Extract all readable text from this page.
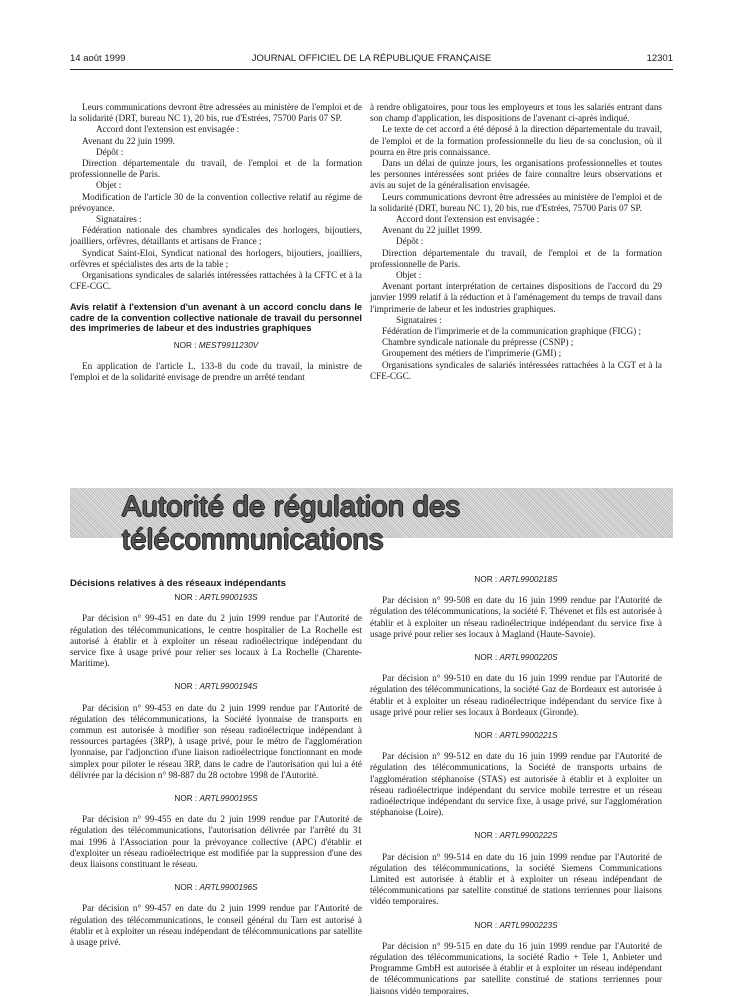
14 août 1999	JOURNAL OFFICIEL DE LA RÉPUBLIQUE FRANÇAISE	12301

Leurs communications devront être adressées au ministère de l'emploi et de la solidarité (DRT, bureau NC 1), 20 bis, rue d'Estrées, 75700 Paris 07 SP.

Accord dont l'extension est envisagée :

Avenant du 22 juin 1999.

Dépôt :

Direction départementale du travail, de l'emploi et de la formation professionnelle de Paris.

Objet :

Modification de l'article 30 de la convention collective relatif au régime de prévoyance.

Signataires :

Fédération nationale des chambres syndicales des horlogers, bijoutiers, joailliers, orfèvres, détaillants et artisans de France ;

Syndicat Saint-Eloi, Syndicat national des horlogers, bijoutiers, joailliers, orfèvres et spécialistes des arts de la table ;

Organisations syndicales de salariés intéressées rattachées à la CFTC et à la CFE-CGC.

Avis relatif à l'extension d'un avenant à un accord conclu dans le cadre de la convention collective nationale de travail du personnel des imprimeries de labeur et des industries graphiques

NOR : MEST9911230V

En application de l'article L. 133-8 du code du travail, la ministre de l'emploi et de la solidarité envisage de prendre un arrêté tendant

à rendre obligatoires, pour tous les employeurs et tous les salariés entrant dans son champ d'application, les dispositions de l'avenant ci-après indiqué.

Le texte de cet accord a été déposé à la direction départementale du travail, de l'emploi et de la formation professionnelle du lieu de sa conclusion, où il pourra en être pris connaissance.

Dans un délai de quinze jours, les organisations professionnelles et toutes les personnes intéressées sont priées de faire connaître leurs observations et avis au sujet de la généralisation envisagée.

Leurs communications devront être adressées au ministère de l'emploi et de la solidarité (DRT, bureau NC 1), 20 bis, rue d'Estrées, 75700 Paris 07 SP.

Accord dont l'extension est envisagée :

Avenant du 22 juillet 1999.

Dépôt :

Direction départementale du travail, de l'emploi et de la formation professionnelle de Paris.

Objet :

Avenant portant interprétation de certaines dispositions de l'accord du 29 janvier 1999 relatif à la réduction et à l'aménagement du temps de travail dans l'imprimerie de labeur et les industries graphiques.

Signataires :

Fédération de l'imprimerie et de la communication graphique (FICG) ;

Chambre syndicale nationale du prépresse (CSNP) ;

Groupement des métiers de l'imprimerie (GMI) ;

Organisations syndicales de salariés intéressées rattachées à la CGT et à la CFE-CGC.

Autorité de régulation des télécommunications

Décisions relatives à des réseaux indépendants

NOR : ARTL9900193S

Par décision n° 99-451 en date du 2 juin 1999 rendue par l'Autorité de régulation des télécommunications, le centre hospitalier de La Rochelle est autorisé à établir et à exploiter un réseau radioélectrique indépendant du service fixe à usage privé pour relier ses locaux à La Rochelle (Charente-Maritime).

NOR : ARTL9900194S

Par décision n° 99-453 en date du 2 juin 1999 rendue par l'Autorité de régulation des télécommunications, la Société lyonnaise de transports en commun est autorisée à modifier son réseau radioélectrique indépendant à ressources partagées (3RP), à usage privé, pour le métro de l'agglomération lyonnaise, par l'adjonction d'une liaison radioélectrique fonctionnant en mode simplex pour piloter le réseau 3RP, dans le cadre de l'autorisation qui lui a été délivrée par la décision n° 98-887 du 28 octobre 1998 de l'Autorité.

NOR : ARTL9900195S

Par décision n° 99-455 en date du 2 juin 1999 rendue par l'Autorité de régulation des télécommunications, l'autorisation délivrée par l'arrêté du 31 mai 1996 à l'Association pour la prévoyance collective (APC) d'établir et d'exploiter un réseau radioélectrique est modifiée par la suppression d'une des deux liaisons constituant le réseau.

NOR : ARTL9900196S

Par décision n° 99-457 en date du 2 juin 1999 rendue par l'Autorité de régulation des télécommunications, le conseil général du Tarn est autorisé à établir et à exploiter un réseau indépendant de télécommunications par satellite à usage privé.

NOR : ARTL9900218S

Par décision n° 99-508 en date du 16 juin 1999 rendue par l'Autorité de régulation des télécommunications, la société F. Thévenet et fils est autorisée à établir et à exploiter un réseau radioélectrique indépendant du service fixe à usage privé pour relier ses locaux à Magland (Haute-Savoie).

NOR : ARTL9900220S

Par décision n° 99-510 en date du 16 juin 1999 rendue par l'Autorité de régulation des télécommunications, la société Gaz de Bordeaux est autorisée à établir et à exploiter un réseau radioélectrique indépendant du service fixe à usage privé pour relier ses locaux à Bordeaux (Gironde).

NOR : ARTL9900221S

Par décision n° 99-512 en date du 16 juin 1999 rendue par l'Autorité de régulation des télécommunications, la Société de transports urbains de l'agglomération stéphanoise (STAS) est autorisée à établir et à exploiter un réseau radioélectrique indépendant du service mobile terrestre et un réseau radioélectrique indépendant du service fixe, à usage privé, sur l'agglomération stéphanoise (Loire).

NOR : ARTL9900222S

Par décision n° 99-514 en date du 16 juin 1999 rendue par l'Autorité de régulation des télécommunications, la société Siemens Communications Limited est autorisée à établir et à exploiter un réseau indépendant de télécommunications par satellite constitué de stations terriennes pour liaisons vidéo temporaires.

NOR : ARTL9900223S

Par décision n° 99-515 en date du 16 juin 1999 rendue par l'Autorité de régulation des télécommunications, la société Radio + Tele 1, Anbieter und Programme GmbH est autorisée à établir et à exploiter un réseau indépendant de télécommunications par satellite constitué de stations terriennes pour liaisons vidéo temporaires.
